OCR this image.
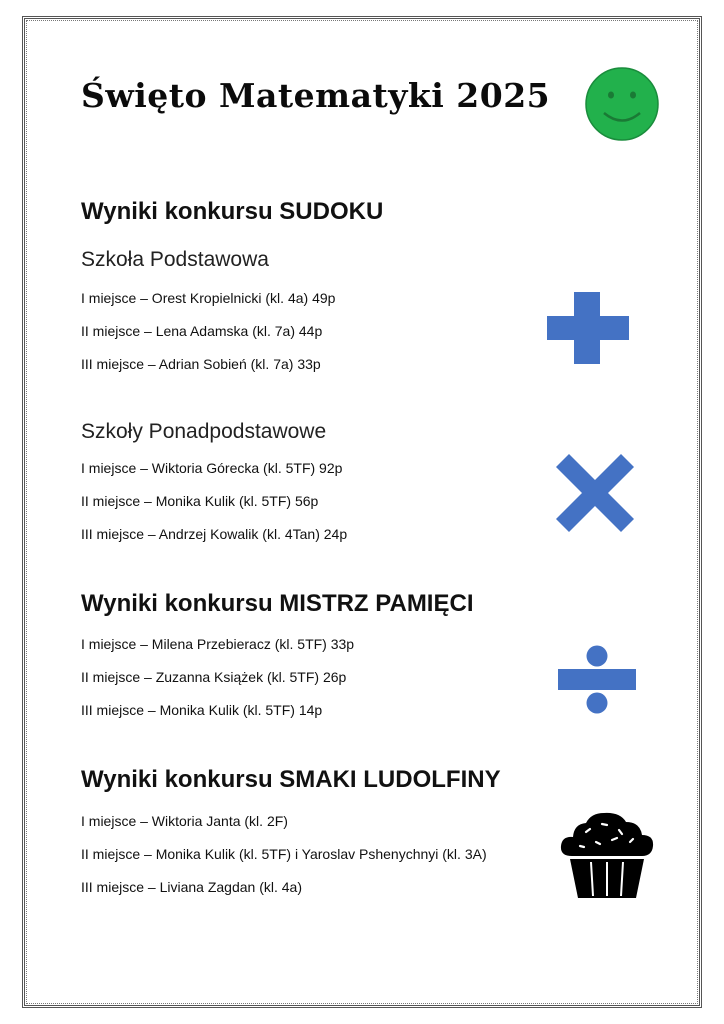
Święto Matematyki 2025
Wyniki konkursu SUDOKU
Szkoła Podstawowa

I miejsce – Orest Kropielnicki (kl. 4a) 49p

II miejsce – Lena Adamska (kl. 7a) 44p

III miejsce – Adrian Sobień (kl. 7a) 33p

Szkoły Ponadpodstawowe

I miejsce – Wiktoria Górecka (kl. 5TF) 92p

II miejsce – Monika Kulik (kl. 5TF) 56p

III miejsce – Andrzej Kowalik (kl. 4Tan) 24p

Wyniki konkursu MISTRZ PAMIĘCI

I miejsce – Milena Przebieracz (kl. 5TF) 33p

II miejsce – Zuzanna Książek (kl. 5TF) 26p

III miejsce – Monika Kulik (kl. 5TF) 14p

Wyniki konkursu SMAKI LUDOLFINY

I miejsce – Wiktoria Janta (kl. 2F)

II miejsce – Monika Kulik (kl. 5TF) i Yaroslav Pshenychnyi (kl. 3A)

III miejsce – Liviana Zagdan (kl. 4a)
